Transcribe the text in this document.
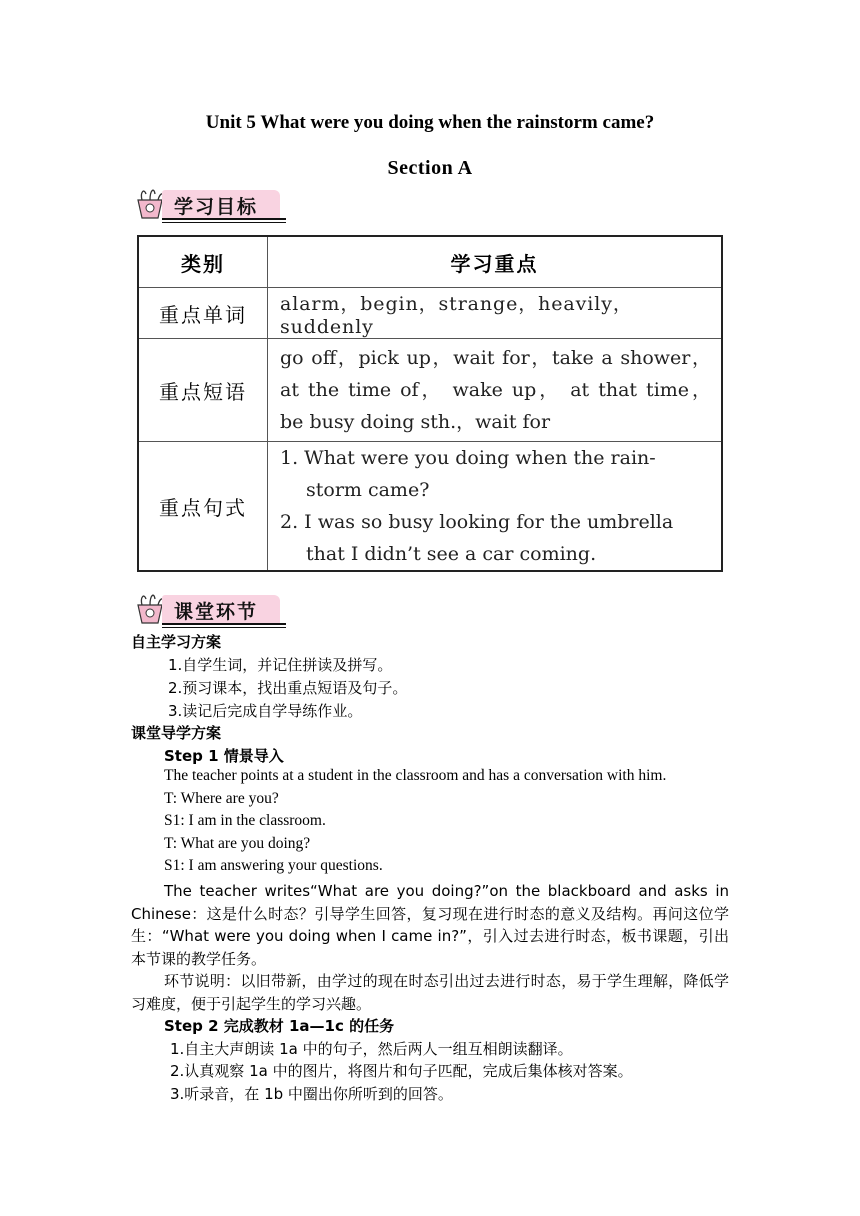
Unit 5 What were you doing when the rainstorm came?
Section A
学习目标
类别	学习重点
重点单词	alarm，begin，strange，heavily，suddenly
重点短语	go off，pick up，wait for，take a shower，
at the time of， wake up， at that time，
be busy doing sth.，wait for

重点句式	1. What were you doing when the rain-
storm came?
2. I was so busy looking for the umbrella
that I didn’t see a car coming.
课堂环节
自主学习方案
1.自学生词，并记住拼读及拼写。
2.预习课本，找出重点短语及句子。
3.读记后完成自学导练作业。
课堂导学方案
Step 1 情景导入
The teacher points at a student in the classroom and has a conversation with him.
T: Where are you?
S1: I am in the classroom.
T: What are you doing?
S1: I am answering your questions.
The teacher writes“What are you doing?”on the blackboard and asks in Chinese：这是什么时态？引导学生回答，复习现在进行时态的意义及结构。再问这位学生：“What were you doing when I came in?”，引入过去进行时态，板书课题，引出本节课的教学任务。
环节说明：以旧带新，由学过的现在时态引出过去进行时态，易于学生理解，降低学习难度，便于引起学生的学习兴趣。
Step 2 完成教材 1a—1c 的任务
1.自主大声朗读 1a 中的句子，然后两人一组互相朗读翻译。
2.认真观察 1a 中的图片，将图片和句子匹配，完成后集体核对答案。
3.听录音，在 1b 中圈出你所听到的回答。
